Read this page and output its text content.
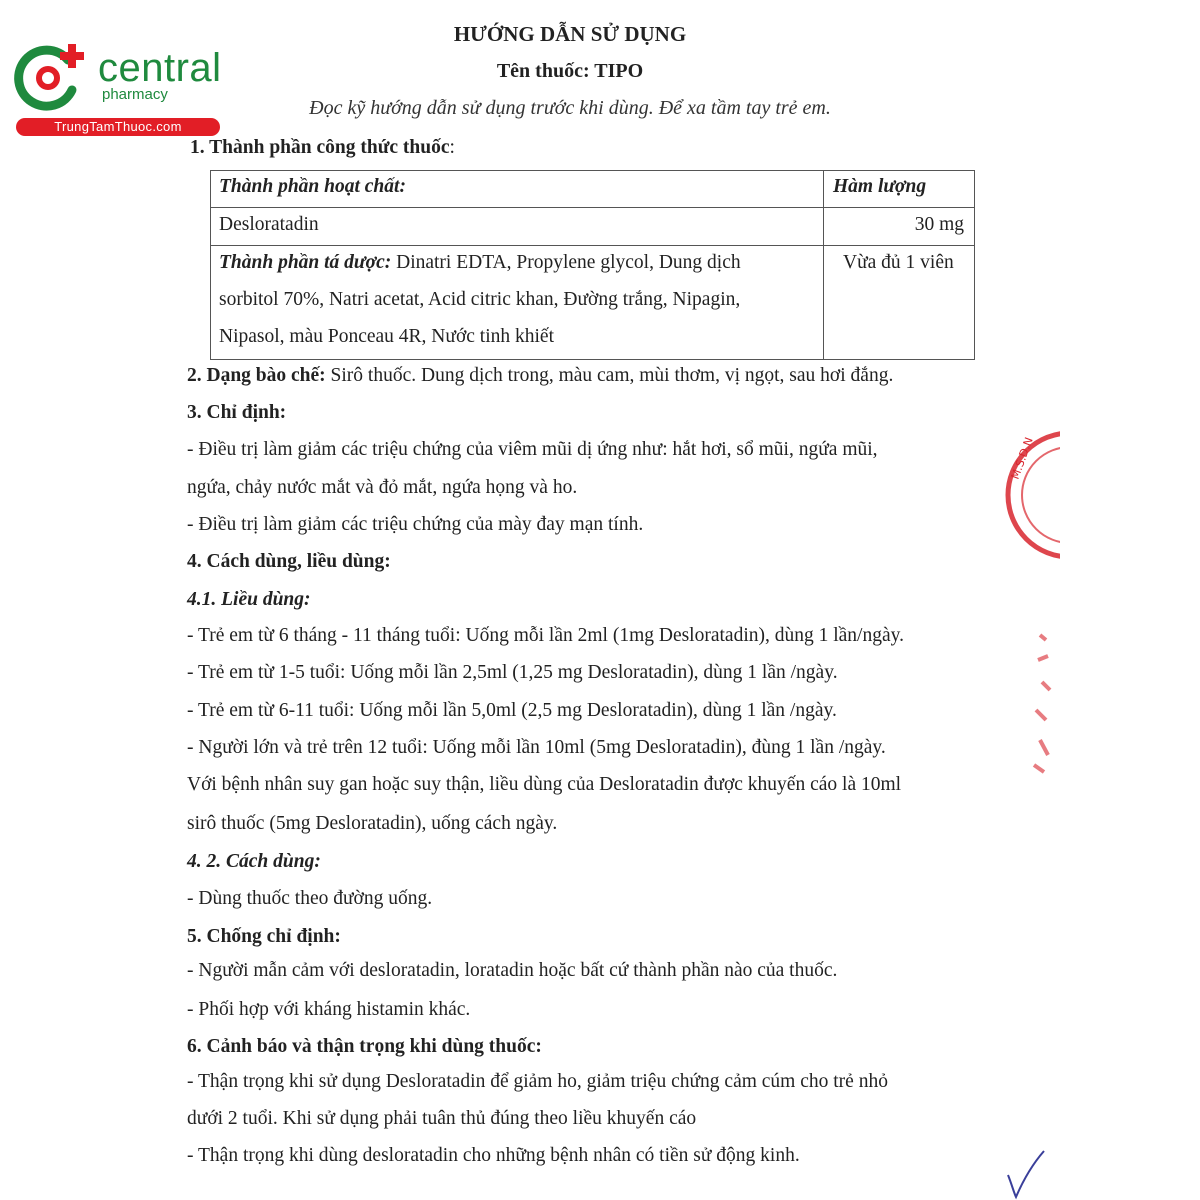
central
pharmacy
TrungTamThuoc.com
HƯỚNG DẪN SỬ DỤNG
Tên thuốc: TIPO
Đọc kỹ hướng dẫn sử dụng trước khi dùng. Để xa tầm tay trẻ em.
1. Thành phần công thức thuốc:
Thành phần hoạt chất:	Hàm lượng
Desloratadin	30 mg
Thành phần tá dược: Dinatri EDTA, Propylene glycol, Dung dịch
sorbitol 70%, Natri acetat, Acid citric khan, Đường trắng, Nipagin,
Nipasol, màu Ponceau 4R, Nước tinh khiết
Vừa đủ 1 viên
2. Dạng bào chế: Sirô thuốc. Dung dịch trong, màu cam, mùi thơm, vị ngọt, sau hơi đắng.
3. Chỉ định:
- Điều trị làm giảm các triệu chứng của viêm mũi dị ứng như: hắt hơi, sổ mũi, ngứa mũi,
ngứa, chảy nước mắt và đỏ mắt, ngứa họng và ho.
- Điều trị làm giảm các triệu chứng của mày đay mạn tính.
4. Cách dùng, liều dùng:
4.1. Liều dùng:
- Trẻ em từ 6 tháng - 11 tháng tuổi: Uống mỗi lần 2ml (1mg Desloratadin), dùng 1 lần/ngày.
- Trẻ em từ 1-5 tuổi: Uống mỗi lần 2,5ml (1,25 mg Desloratadin), dùng 1 lần /ngày.
- Trẻ em từ 6-11 tuổi: Uống mỗi lần 5,0ml (2,5 mg Desloratadin), dùng 1 lần /ngày.
- Người lớn và trẻ trên 12 tuổi: Uống mỗi lần 10ml (5mg Desloratadin), đùng 1 lần /ngày.
Với bệnh nhân suy gan hoặc suy thận, liều dùng của Desloratadin được khuyến cáo là 10ml
sirô thuốc (5mg Desloratadin), uống cách ngày.
4. 2. Cách dùng:
- Dùng thuốc theo đường uống.
5. Chống chỉ định:
- Người mẫn cảm với desloratadin, loratadin hoặc bất cứ thành phần nào của thuốc.
- Phối hợp với kháng histamin khác.
6. Cảnh báo và thận trọng khi dùng thuốc:
- Thận trọng khi sử dụng Desloratadin để giảm ho, giảm triệu chứng cảm cúm cho trẻ nhỏ
dưới 2 tuổi. Khi sử dụng phải tuân thủ đúng theo liều khuyến cáo
- Thận trọng khi dùng desloratadin cho những bệnh nhân có tiền sử động kinh.
M.S.D.N
